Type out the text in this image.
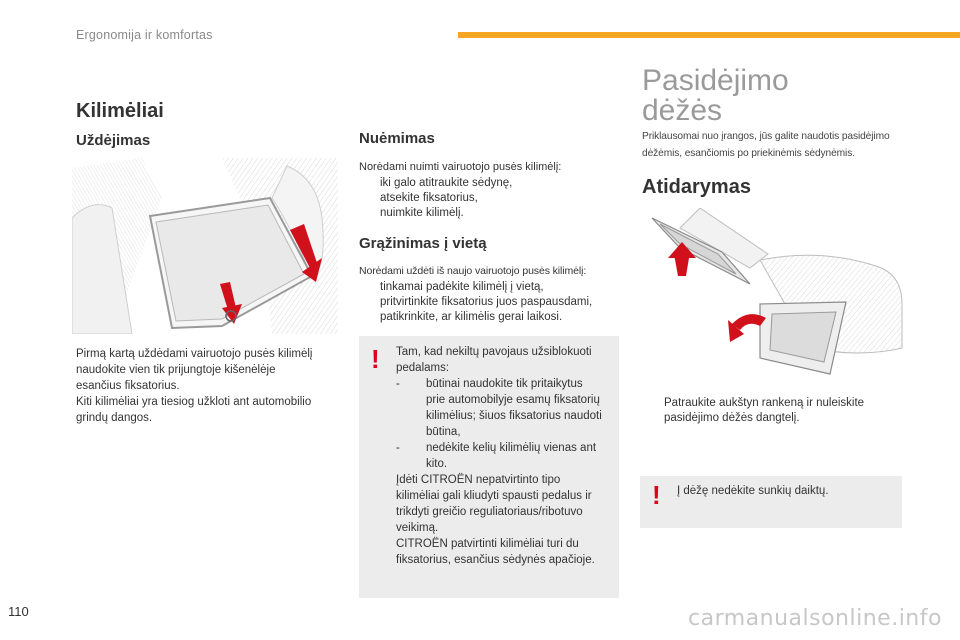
Ergonomija ir komfortas
Kilimėliai
Uždėjimas
Pirmą kartą uždėdami vairuotojo pusės kilimėlį
naudokite vien tik prijungtoje kišenėlėje
esančius fiksatorius.
Kiti kilimėliai yra tiesiog užkloti ant automobilio
grindų dangos.
Nuėmimas
Norėdami nuimti vairuotojo pusės kilimėlį:
iki galo atitraukite sėdynę,
atsekite fiksatorius,
nuimkite kilimėlį.
Grąžinimas į vietą
Norėdami uždėti iš naujo vairuotojo pusės kilimėlį:
tinkamai padėkite kilimėlį į vietą,
pritvirtinkite fiksatorius juos paspausdami,
patikrinkite, ar kilimėlis gerai laikosi.
! Tam, kad nekiltų pavojaus užsiblokuoti
pedalams:
-	būtinai naudokite tik pritaikytus
prie automobilyje esamų fiksatorių
kilimėlius; šiuos fiksatorius naudoti
būtina,
-	nedėkite kelių kilimėlių vienas ant
kito.
Įdėti CITROËN nepatvirtinto tipo
kilimėliai gali kliudyti spausti pedalus ir
trikdyti greičio reguliatoriaus/ribotuvo
veikimą.
CITROËN patvirtinti kilimėliai turi du
fiksatorius, esančius sėdynės apačioje.
Pasidėjimo
dėžės
Priklausomai nuo įrangos, jūs galite naudotis pasidėjimo
dėžėmis, esančiomis po priekinėmis sėdynėmis.
Atidarymas
Patraukite aukštyn rankeną ir nuleiskite
pasidėjimo dėžės dangtelį.
! Į dėžę nedėkite sunkių daiktų.
110	carmanualsonline.info
